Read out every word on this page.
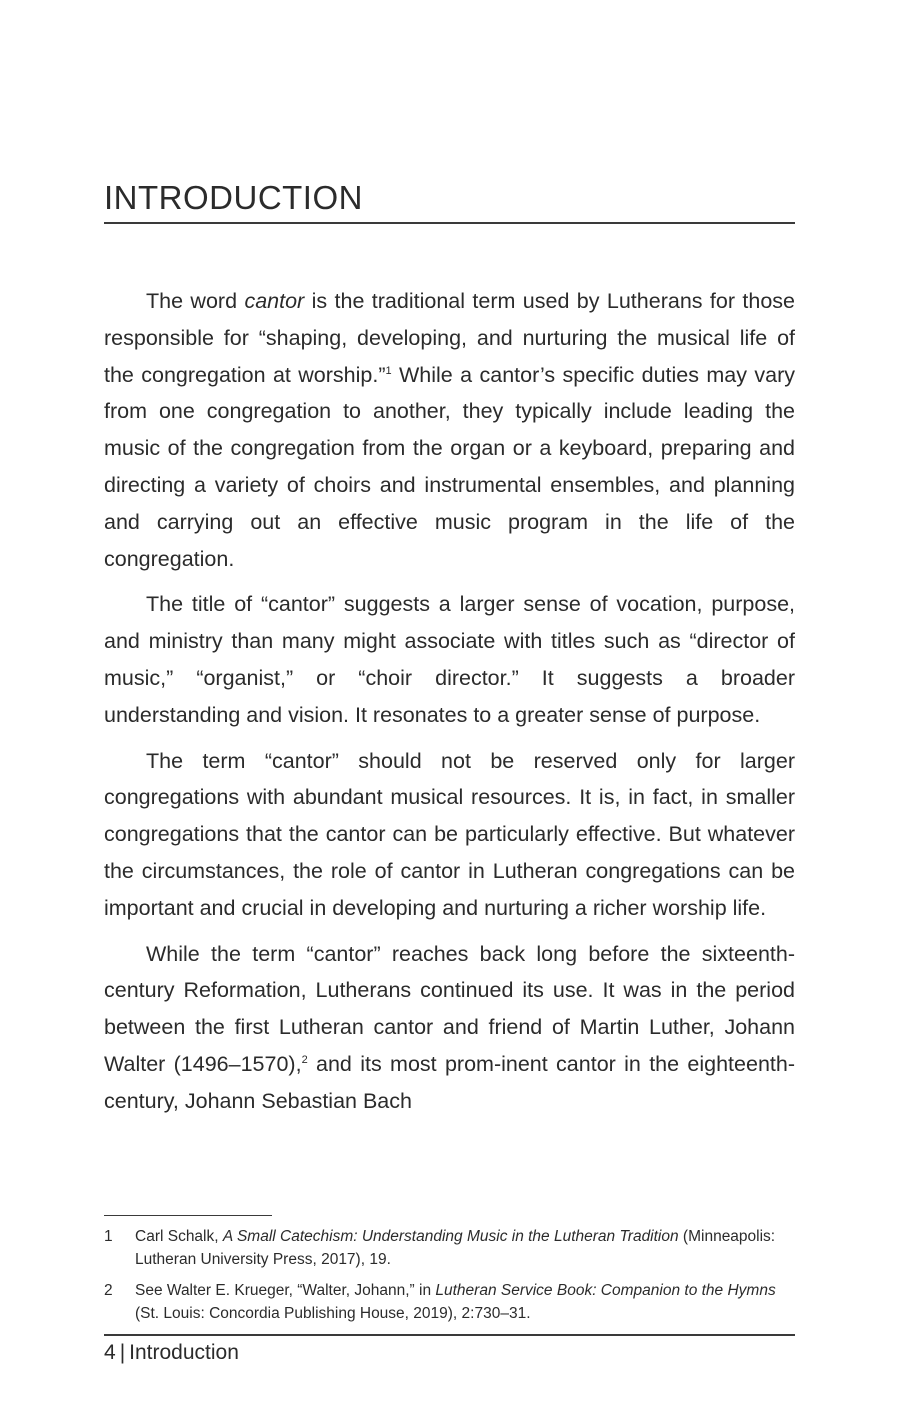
INTRODUCTION

The word cantor is the traditional term used by Lutherans for those responsible for “shaping, developing, and nurturing the musical life of the congregation at worship.”$^1$ While a cantor’s specific duties may vary from one congregation to another, they typically include leading the music of the congregation from the organ or a keyboard, preparing and directing a variety of choirs and instrumental ensembles, and planning and carrying out an effective music program in the life of the congregation.

The title of “cantor” suggests a larger sense of vocation, purpose, and ministry than many might associate with titles such as “director of music,” “organist,” or “choir director.” It suggests a broader understanding and vision. It resonates to a greater sense of purpose.

The term “cantor” should not be reserved only for larger congregations with abundant musical resources. It is, in fact, in smaller congregations that the cantor can be particularly effective. But whatever the circumstances, the role of cantor in Lutheran congregations can be important and crucial in developing and nurturing a richer worship life.

While the term “cantor” reaches back long before the sixteenth-century Reformation, Lutherans continued its use. It was in the period between the first Lutheran cantor and friend of Martin Luther, Johann Walter (1496–1570),$^2$ and its most prom-inent cantor in the eighteenth-century, Johann Sebastian Bach

1	Carl Schalk, A Small Catechism: Understanding Music in the Lutheran Tradition (Minneapolis: Lutheran University Press, 2017), 19.
2	See Walter E. Krueger, “Walter, Johann,” in Lutheran Service Book: Companion to the Hymns (St. Louis: Concordia Publishing House, 2019), 2:730–31.
4 | Introduction
